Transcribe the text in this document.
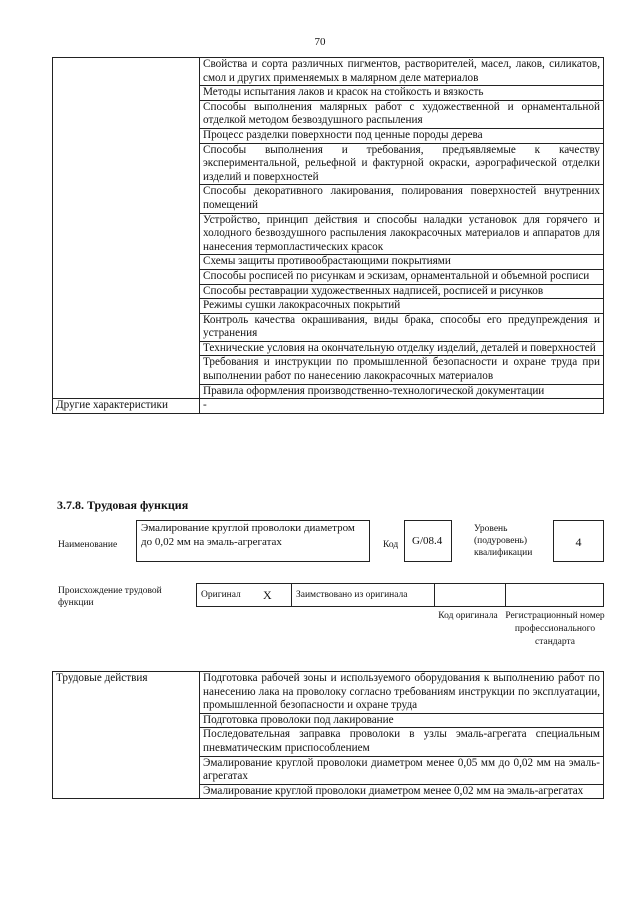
70
	Свойства и сорта различных пигментов, растворителей, масел, лаков, силикатов, смол и других применяемых в малярном деле материалов
	Методы испытания лаков и красок на стойкость и вязкость
	Способы выполнения малярных работ с художественной и орнаментальной отделкой методом безвоздушного распыления
	Процесс разделки поверхности под ценные породы дерева
	Способы выполнения и требования, предъявляемые к качеству экспериментальной, рельефной и фактурной окраски, аэрографической отделки изделий и поверхностей
	Способы декоративного лакирования, полирования поверхностей внутренних помещений
	Устройство, принцип действия и способы наладки установок для горячего и холодного безвоздушного распыления лакокрасочных материалов и аппаратов для нанесения термопластических красок
	Схемы защиты противообрастающими покрытиями
	Способы росписей по рисункам и эскизам, орнаментальной и объемной росписи
	Способы реставрации художественных надписей, росписей и рисунков
	Режимы сушки лакокрасочных покрытий
	Контроль качества окрашивания, виды брака, способы его предупреждения и устранения
	Технические условия на окончательную отделку изделий, деталей и поверхностей
	Требования и инструкции по промышленной безопасности и охране труда при выполнении работ по нанесению лакокрасочных материалов
	Правила оформления производственно-технологической документации
Другие характеристики	-
3.7.8. Трудовая функция
Наименование
Эмалирование круглой проволоки диаметром до 0,02 мм на эмаль-агрегатах	Код	G/08.4
Уровень (подуровень) квалификации
4
Происхождение трудовой функции
Оригинал	X	Заимствовано из оригинала		
Код оригинала Регистрационный номер профессионального стандарта
Трудовые действия	Подготовка рабочей зоны и используемого оборудования к выполнению работ по нанесению лака на проволоку согласно требованиям инструкции по эксплуатации, промышленной безопасности и охране труда
Подготовка проволоки под лакирование
Последовательная заправка проволоки в узлы эмаль-агрегата специальным пневматическим приспособлением
Эмалирование круглой проволоки диаметром менее 0,05 мм до 0,02 мм на эмаль-агрегатах
Эмалирование круглой проволоки диаметром менее 0,02 мм на эмаль-агрегатах
